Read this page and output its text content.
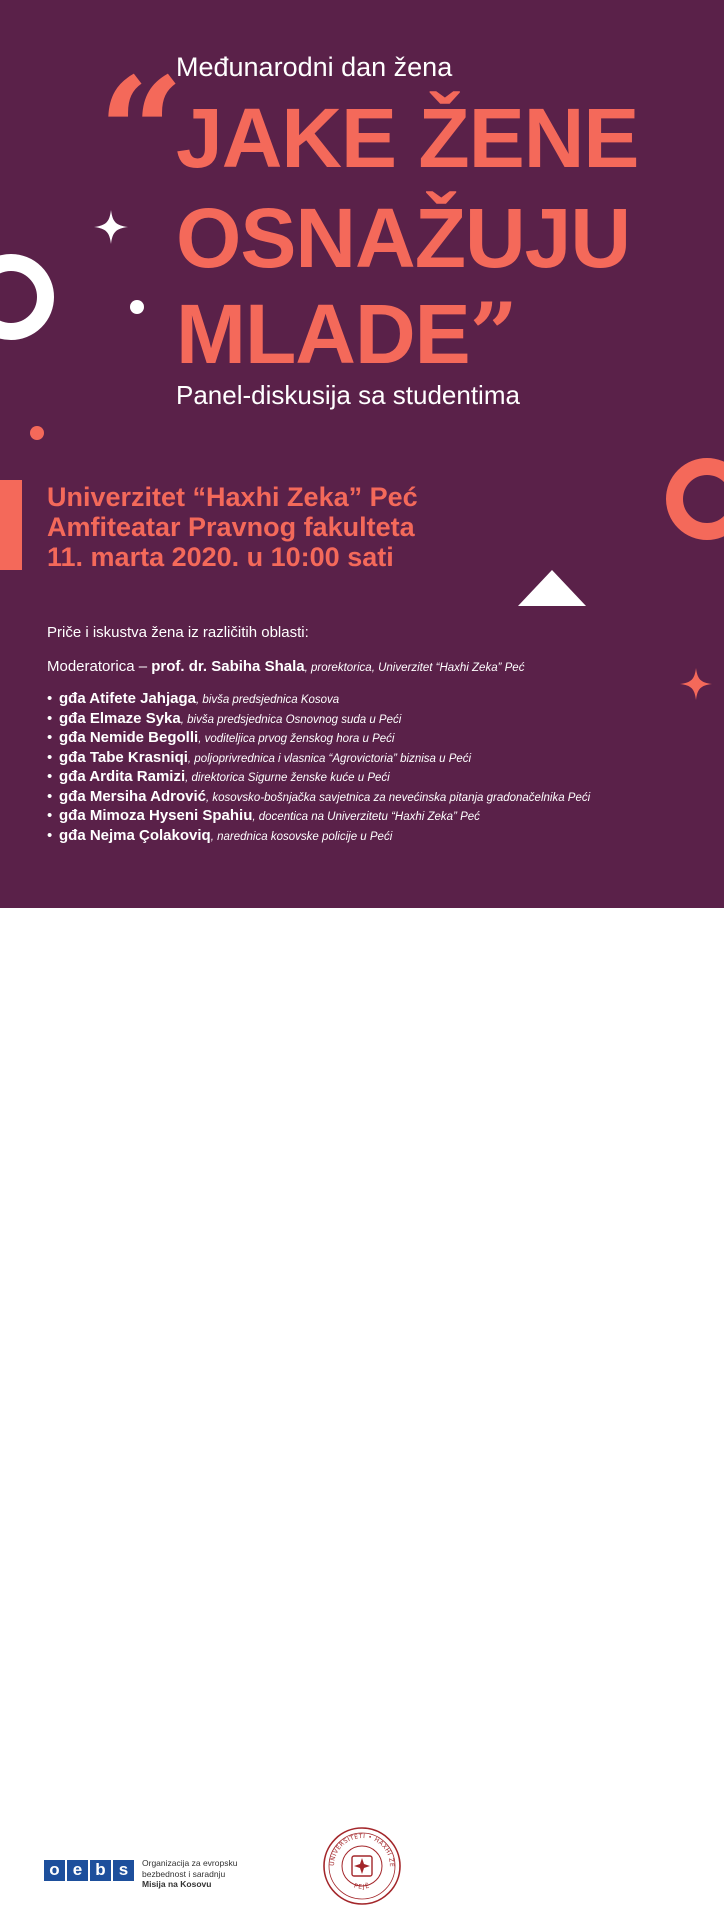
Međunarodni dan žena
“
JAKE ŽENE
OSNAŽUJU
MLADE”
Panel-diskusija sa studentima
Univerzitet “Haxhi Zeka” Peć
Amfiteatar Pravnog fakulteta
11. marta 2020. u 10:00 sati
Priče i iskustva žena iz različitih oblasti:
Moderatorica – prof. dr. Sabiha Shala, prorektorica, Univerzitet “Haxhi Zeka” Peć
• gđa Atifete Jahjaga, bivša predsjednica Kosova
• gđa Elmaze Syka, bivša predsjednica Osnovnog suda u Peći
• gđa Nemide Begolli, voditeljica prvog ženskog hora u Peći
• gđa Tabe Krasniqi, poljoprivrednica i vlasnica “Agrovictoria” biznisa u Peći
• gđa Ardita Ramizi, direktorica Sigurne ženske kuće u Peći
• gđa Mersiha Adrović, kosovsko-bošnjačka savjetnica za nevećinska pitanja gradonačelnika Peći
• gđa Mimoza Hyseni Spahiu, docentica na Univerzitetu “Haxhi Zeka” Peć
• gđa Nejma Çolakoviq, narednica kosovske policije u Peći
o e b s	Organizacija za evropsku
bezbednost i saradnju
Misija na Kosovu
UNIVERSITETI • HAXHI ZE
PEJË
